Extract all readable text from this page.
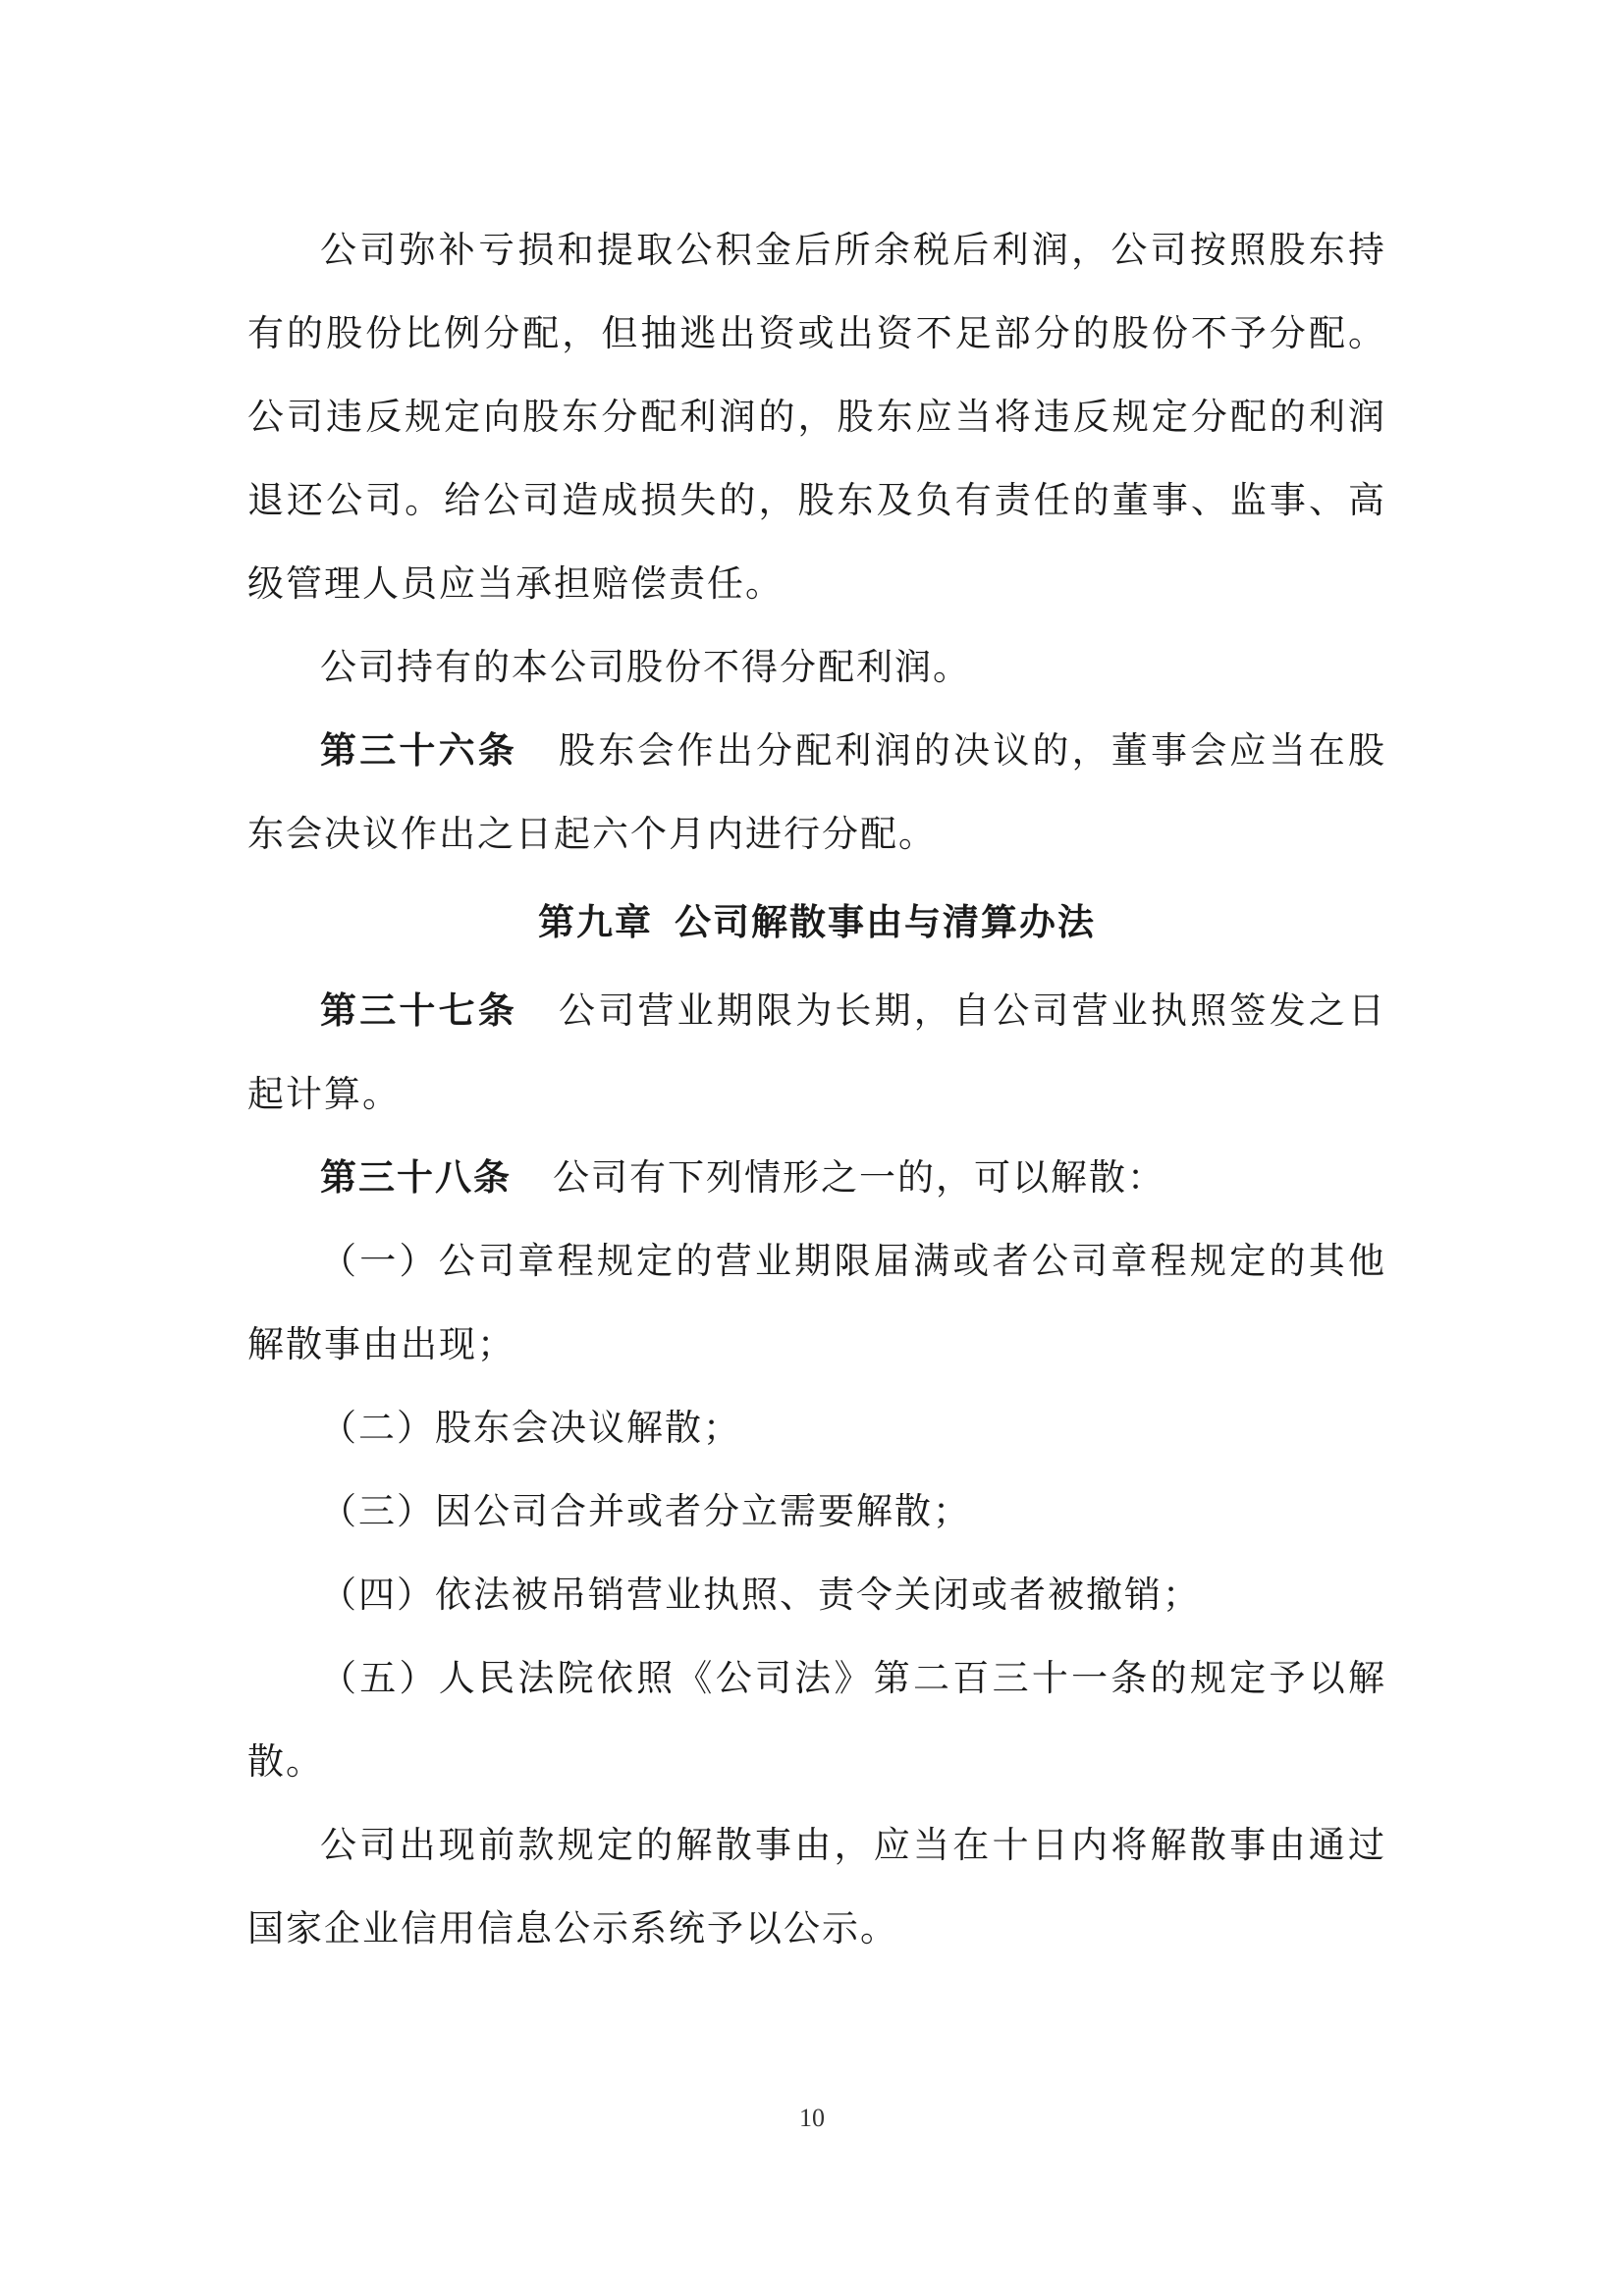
公司弥补亏损和提取公积金后所余税后利润，公司按照股东持有的股份比例分配，但抽逃出资或出资不足部分的股份不予分配。公司违反规定向股东分配利润的，股东应当将违反规定分配的利润退还公司。给公司造成损失的，股东及负有责任的董事、监事、高级管理人员应当承担赔偿责任。

公司持有的本公司股份不得分配利润。

第三十六条 股东会作出分配利润的决议的，董事会应当在股东会决议作出之日起六个月内进行分配。

第九章 公司解散事由与清算办法

第三十七条 公司营业期限为长期，自公司营业执照签发之日起计算。

第三十八条 公司有下列情形之一的，可以解散：

（一）公司章程规定的营业期限届满或者公司章程规定的其他解散事由出现；

（二）股东会决议解散；

（三）因公司合并或者分立需要解散；

（四）依法被吊销营业执照、责令关闭或者被撤销；

（五）人民法院依照《公司法》第二百三十一条的规定予以解散。

公司出现前款规定的解散事由，应当在十日内将解散事由通过国家企业信用信息公示系统予以公示。

10
